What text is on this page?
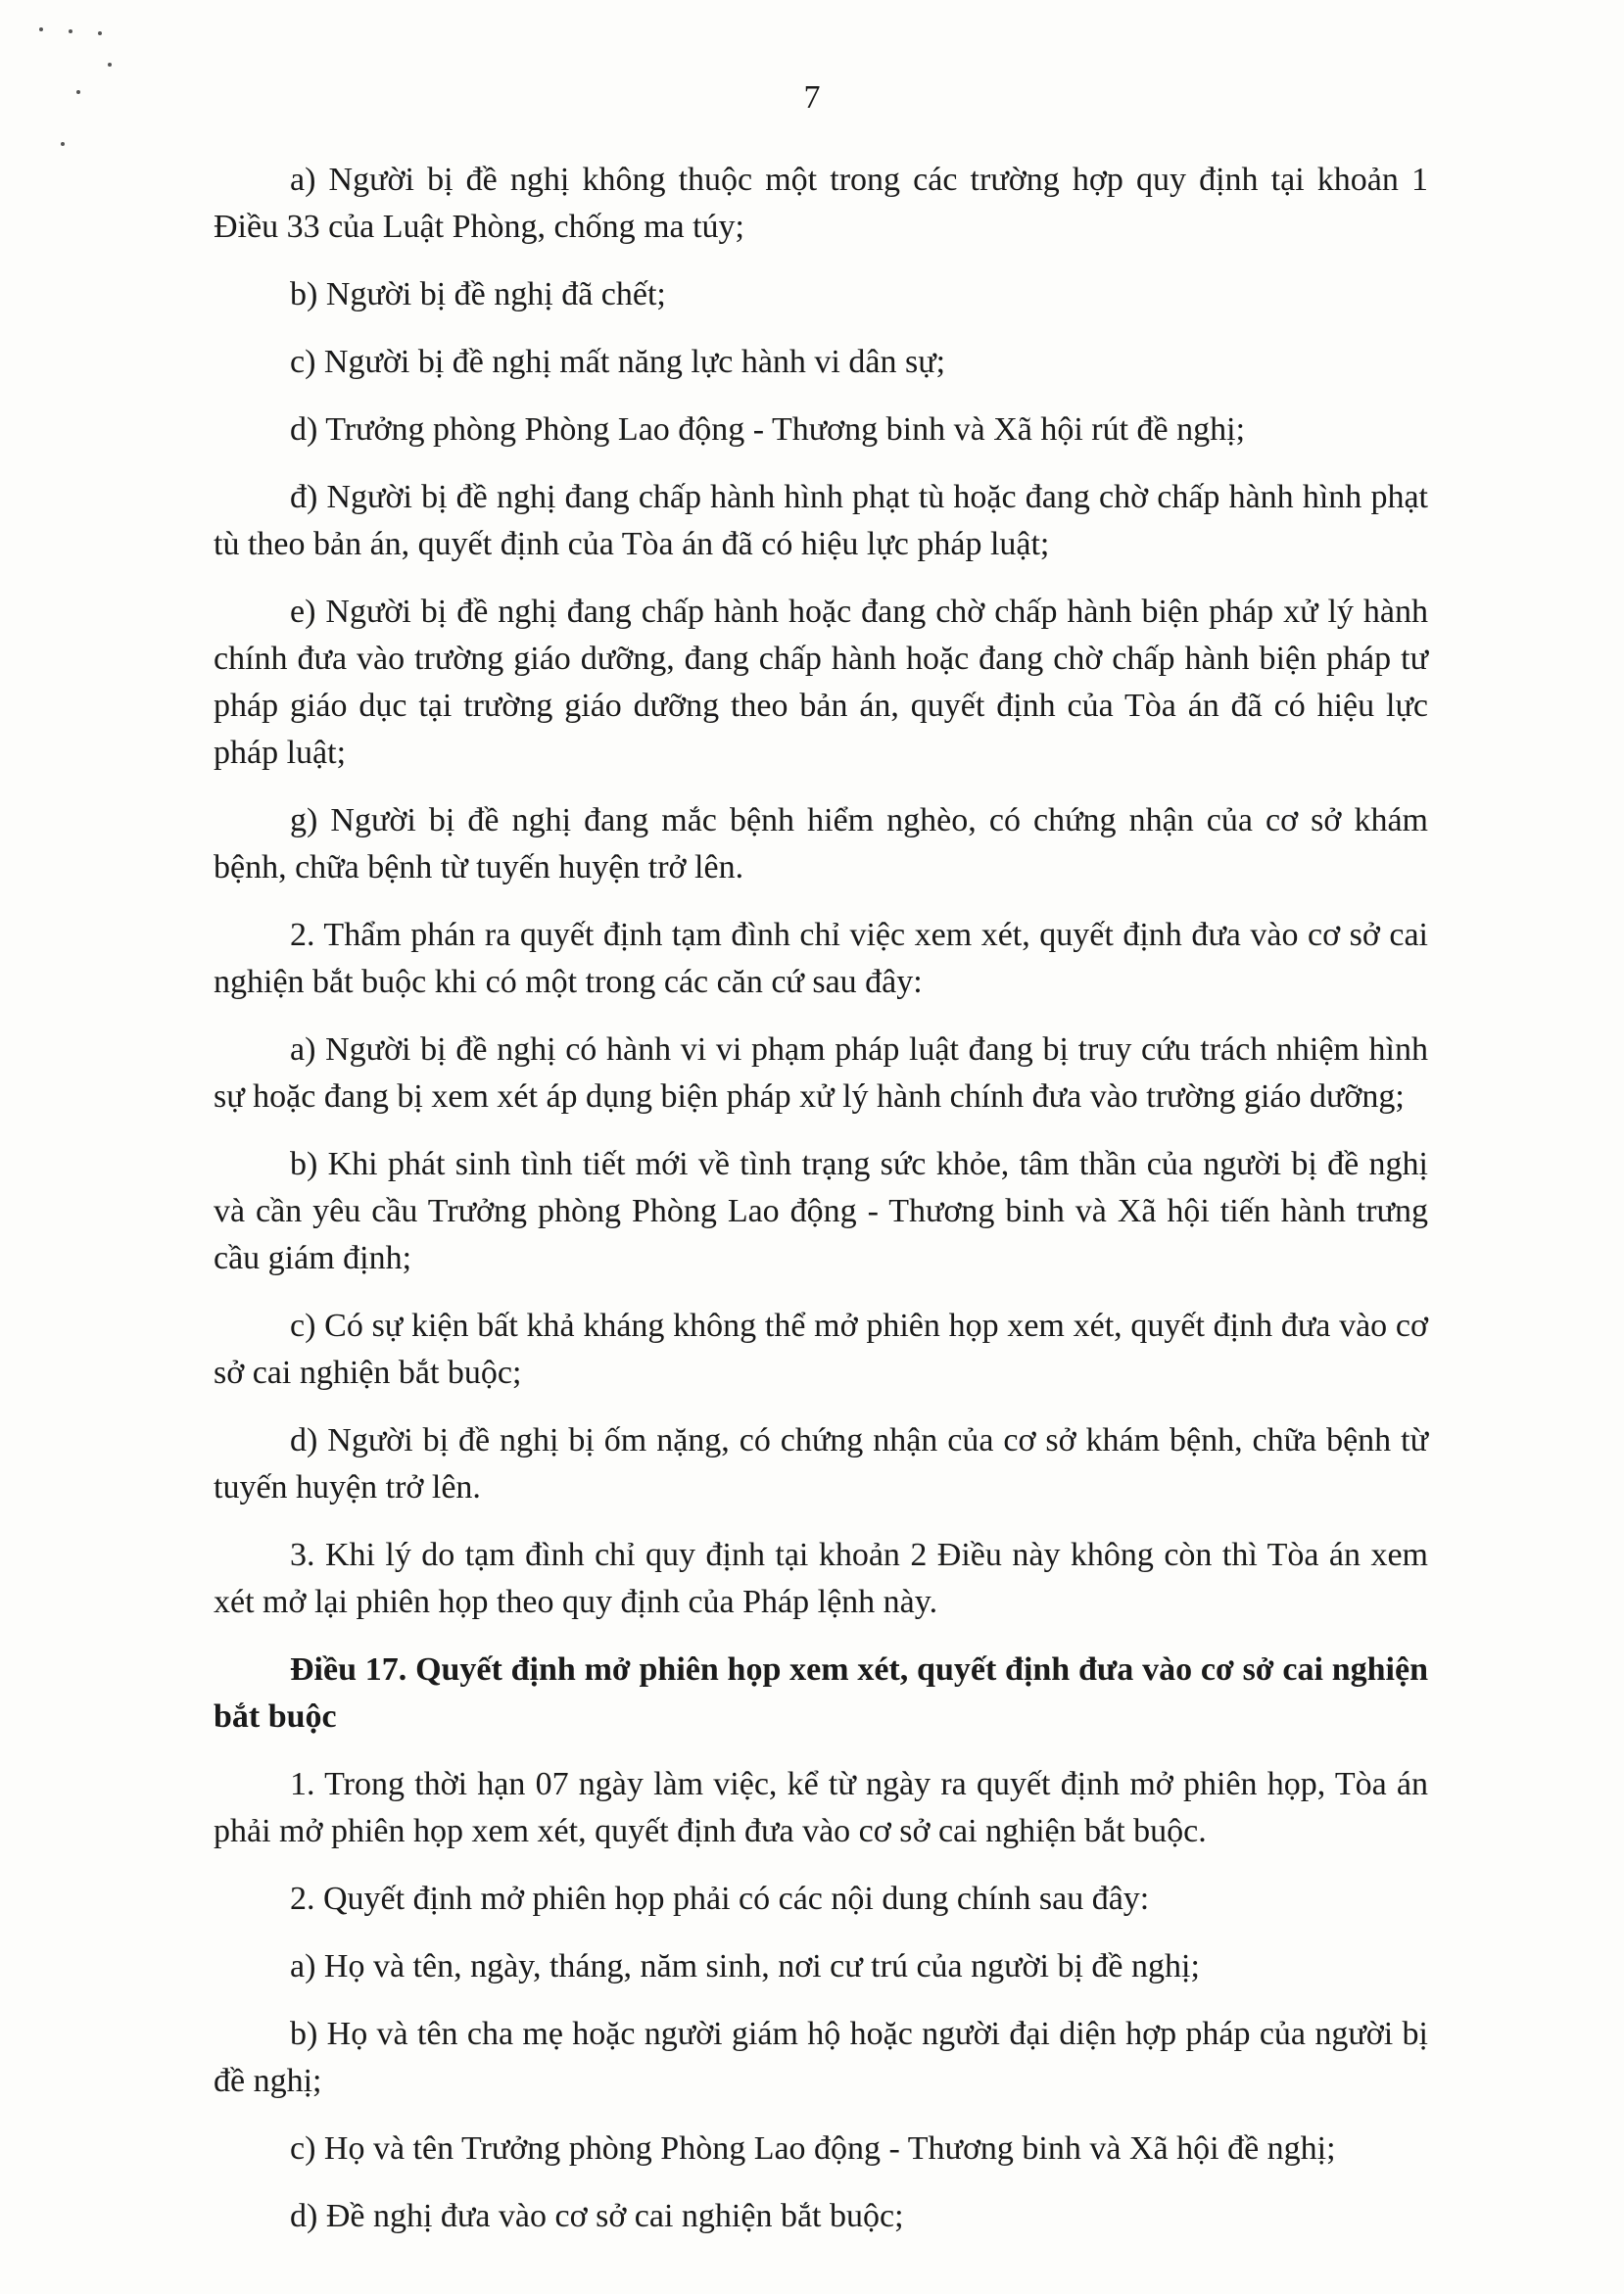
7

a) Người bị đề nghị không thuộc một trong các trường hợp quy định tại khoản 1 Điều 33 của Luật Phòng, chống ma túy;

b) Người bị đề nghị đã chết;

c) Người bị đề nghị mất năng lực hành vi dân sự;

d) Trưởng phòng Phòng Lao động - Thương binh và Xã hội rút đề nghị;

đ) Người bị đề nghị đang chấp hành hình phạt tù hoặc đang chờ chấp hành hình phạt tù theo bản án, quyết định của Tòa án đã có hiệu lực pháp luật;

e) Người bị đề nghị đang chấp hành hoặc đang chờ chấp hành biện pháp xử lý hành chính đưa vào trường giáo dưỡng, đang chấp hành hoặc đang chờ chấp hành biện pháp tư pháp giáo dục tại trường giáo dưỡng theo bản án, quyết định của Tòa án đã có hiệu lực pháp luật;

g) Người bị đề nghị đang mắc bệnh hiểm nghèo, có chứng nhận của cơ sở khám bệnh, chữa bệnh từ tuyến huyện trở lên.

2. Thẩm phán ra quyết định tạm đình chỉ việc xem xét, quyết định đưa vào cơ sở cai nghiện bắt buộc khi có một trong các căn cứ sau đây:

a) Người bị đề nghị có hành vi vi phạm pháp luật đang bị truy cứu trách nhiệm hình sự hoặc đang bị xem xét áp dụng biện pháp xử lý hành chính đưa vào trường giáo dưỡng;

b) Khi phát sinh tình tiết mới về tình trạng sức khỏe, tâm thần của người bị đề nghị và cần yêu cầu Trưởng phòng Phòng Lao động - Thương binh và Xã hội tiến hành trưng cầu giám định;

c) Có sự kiện bất khả kháng không thể mở phiên họp xem xét, quyết định đưa vào cơ sở cai nghiện bắt buộc;

d) Người bị đề nghị bị ốm nặng, có chứng nhận của cơ sở khám bệnh, chữa bệnh từ tuyến huyện trở lên.

3. Khi lý do tạm đình chỉ quy định tại khoản 2 Điều này không còn thì Tòa án xem xét mở lại phiên họp theo quy định của Pháp lệnh này.

Điều 17. Quyết định mở phiên họp xem xét, quyết định đưa vào cơ sở cai nghiện bắt buộc

1. Trong thời hạn 07 ngày làm việc, kể từ ngày ra quyết định mở phiên họp, Tòa án phải mở phiên họp xem xét, quyết định đưa vào cơ sở cai nghiện bắt buộc.

2. Quyết định mở phiên họp phải có các nội dung chính sau đây:

a) Họ và tên, ngày, tháng, năm sinh, nơi cư trú của người bị đề nghị;

b) Họ và tên cha mẹ hoặc người giám hộ hoặc người đại diện hợp pháp của người bị đề nghị;

c) Họ và tên Trưởng phòng Phòng Lao động - Thương binh và Xã hội đề nghị;

d) Đề nghị đưa vào cơ sở cai nghiện bắt buộc;
